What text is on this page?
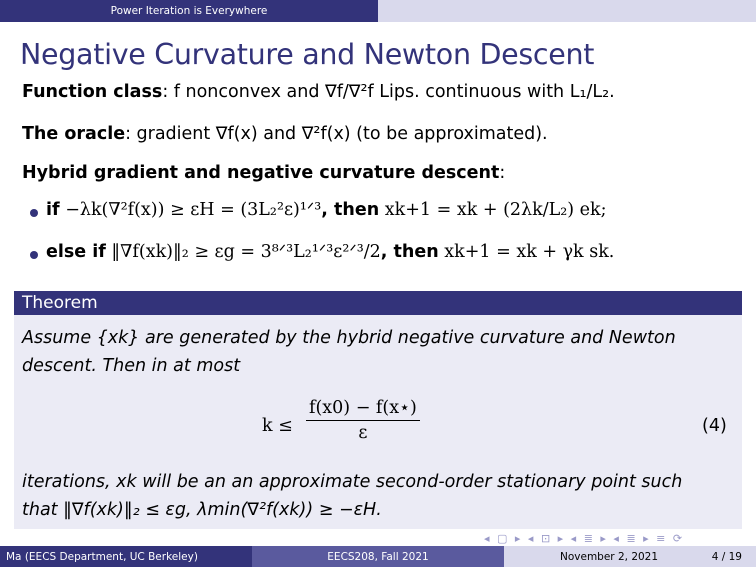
Power Iteration is Everywhere
Negative Curvature and Newton Descent
Function class: f nonconvex and ∇f/∇²f Lips. continuous with L₁/L₂.
The oracle: gradient ∇f(x) and ∇²f(x) (to be approximated).
Hybrid gradient and negative curvature descent:
if −λk(∇²f(x)) ≥ εH = (3L₂²ε)¹ᐟ³, then xk+1 = xk + (2λk/L₂) ek;
else if ‖∇f(xk)‖₂ ≥ εg = 3⁸ᐟ³L₂¹ᐟ³ε²ᐟ³/2, then xk+1 = xk + γk sk.
Theorem
Assume {xk} are generated by the hybrid negative curvature and Newton
descent. Then in at most
$k \le \frac{f(x0) - f(x⋆)}{\varepsilon}$	(4)
iterations, xk will be an an approximate second-order stationary point such
that ‖∇f(xk)‖₂ ≤ εg, λmin(∇²f(xk)) ≥ −εH.
◂ ▢ ▸ ◂ ⊡ ▸ ◂ ≣ ▸ ◂ ≣ ▸ ≡ ⟳
Ma (EECS Department, UC Berkeley)	EECS208, Fall 2021	November 2, 2021	4 / 19
